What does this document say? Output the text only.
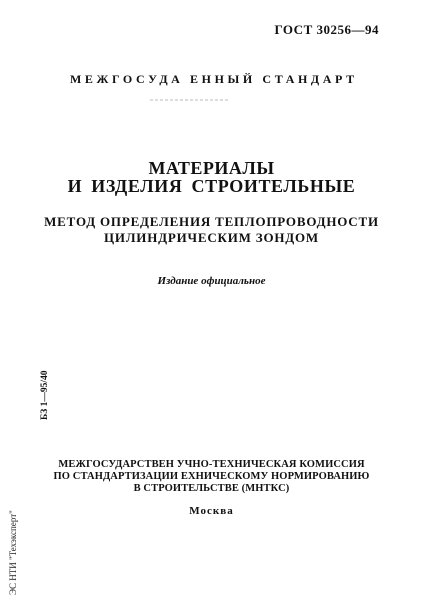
ГОСТ 30256—94
МЕЖГОСУДА ЕННЫЙ СТАНДАРТ
МАТЕРИАЛЫ
И ИЗДЕЛИЯ СТРОИТЕЛЬНЫЕ
МЕТОД ОПРЕДЕЛЕНИЯ ТЕПЛОПРОВОДНОСТИ
ЦИЛИНДРИЧЕСКИМ ЗОНДОМ
Издание официальное
БЗ 1—95/40
МЕЖГОСУДАРСТВЕН УЧНО-ТЕХНИЧЕСКАЯ КОМИССИЯ
ПО СТАНДАРТИЗАЦИИ ЕХНИЧЕСКОМУ НОРМИРОВАНИЮ
В СТРОИТЕЛЬСТВЕ (МНТКС)
Москва
ЭС НТИ "Техэксперт"
